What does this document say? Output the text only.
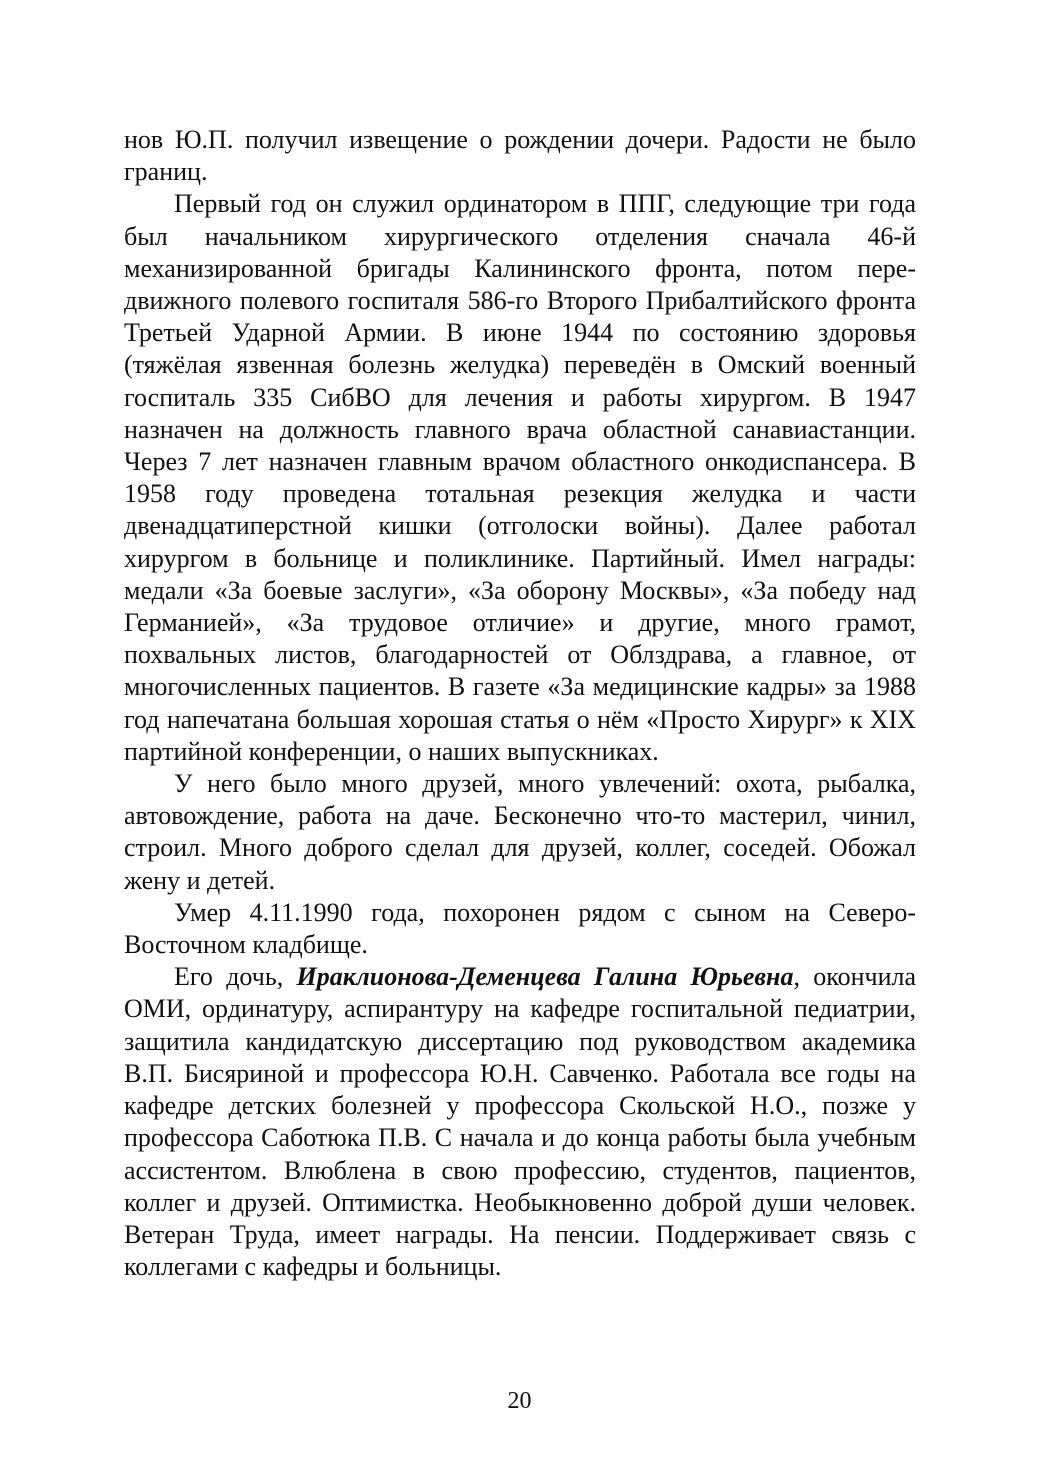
нов Ю.П. получил извещение о рождении дочери. Радости не было границ.

Первый год он служил ординатором в ППГ, следующие три года был начальником хирургического отделения сначала 46-й механизированной бригады Калининского фронта, потом передвижного полевого госпиталя 586-го Второго Прибалтийского фронта Третьей Ударной Армии. В июне 1944 по состоянию здоровья (тяжёлая язвенная болезнь желудка) переведён в Омский военный госпиталь 335 СибВО для лечения и работы хирургом. В 1947 назначен на должность главного врача областной санавиастанции. Через 7 лет назначен главным врачом областного онкодиспансера. В 1958 году проведена тотальная резекция желудка и части двенадцатиперстной кишки (отголоски войны). Далее работал хирургом в больнице и поликлинике. Партийный. Имел награды: медали «За боевые заслуги», «За оборону Москвы», «За победу над Германией», «За трудовое отличие» и другие, много грамот, похвальных листов, благодарностей от Облздрава, а главное, от многочисленных пациентов. В газете «За медицинские кадры» за 1988 год напечатана большая хорошая статья о нём «Просто Хирург» к XIX партийной конференции, о наших выпускниках.

У него было много друзей, много увлечений: охота, рыбалка, автовождение, работа на даче. Бесконечно что-то мастерил, чинил, строил. Много доброго сделал для друзей, коллег, соседей. Обожал жену и детей.

Умер 4.11.1990 года, похоронен рядом с сыном на Северо-Восточном кладбище.

Его дочь, Ираклионова-Деменцева Галина Юрьевна, окончила ОМИ, ординатуру, аспирантуру на кафедре госпитальной педиатрии, защитила кандидатскую диссертацию под руководством академика В.П. Бисяриной и профессора Ю.Н. Савченко. Работала все годы на кафедре детских болезней у профессора Скольской Н.О., позже у профессора Саботюка П.В. С начала и до конца работы была учебным ассистентом. Влюблена в свою профессию, студентов, пациентов, коллег и друзей. Оптимистка. Необыкновенно доброй души человек. Ветеран Труда, имеет награды. На пенсии. Поддерживает связь с коллегами с кафедры и больницы.

20
